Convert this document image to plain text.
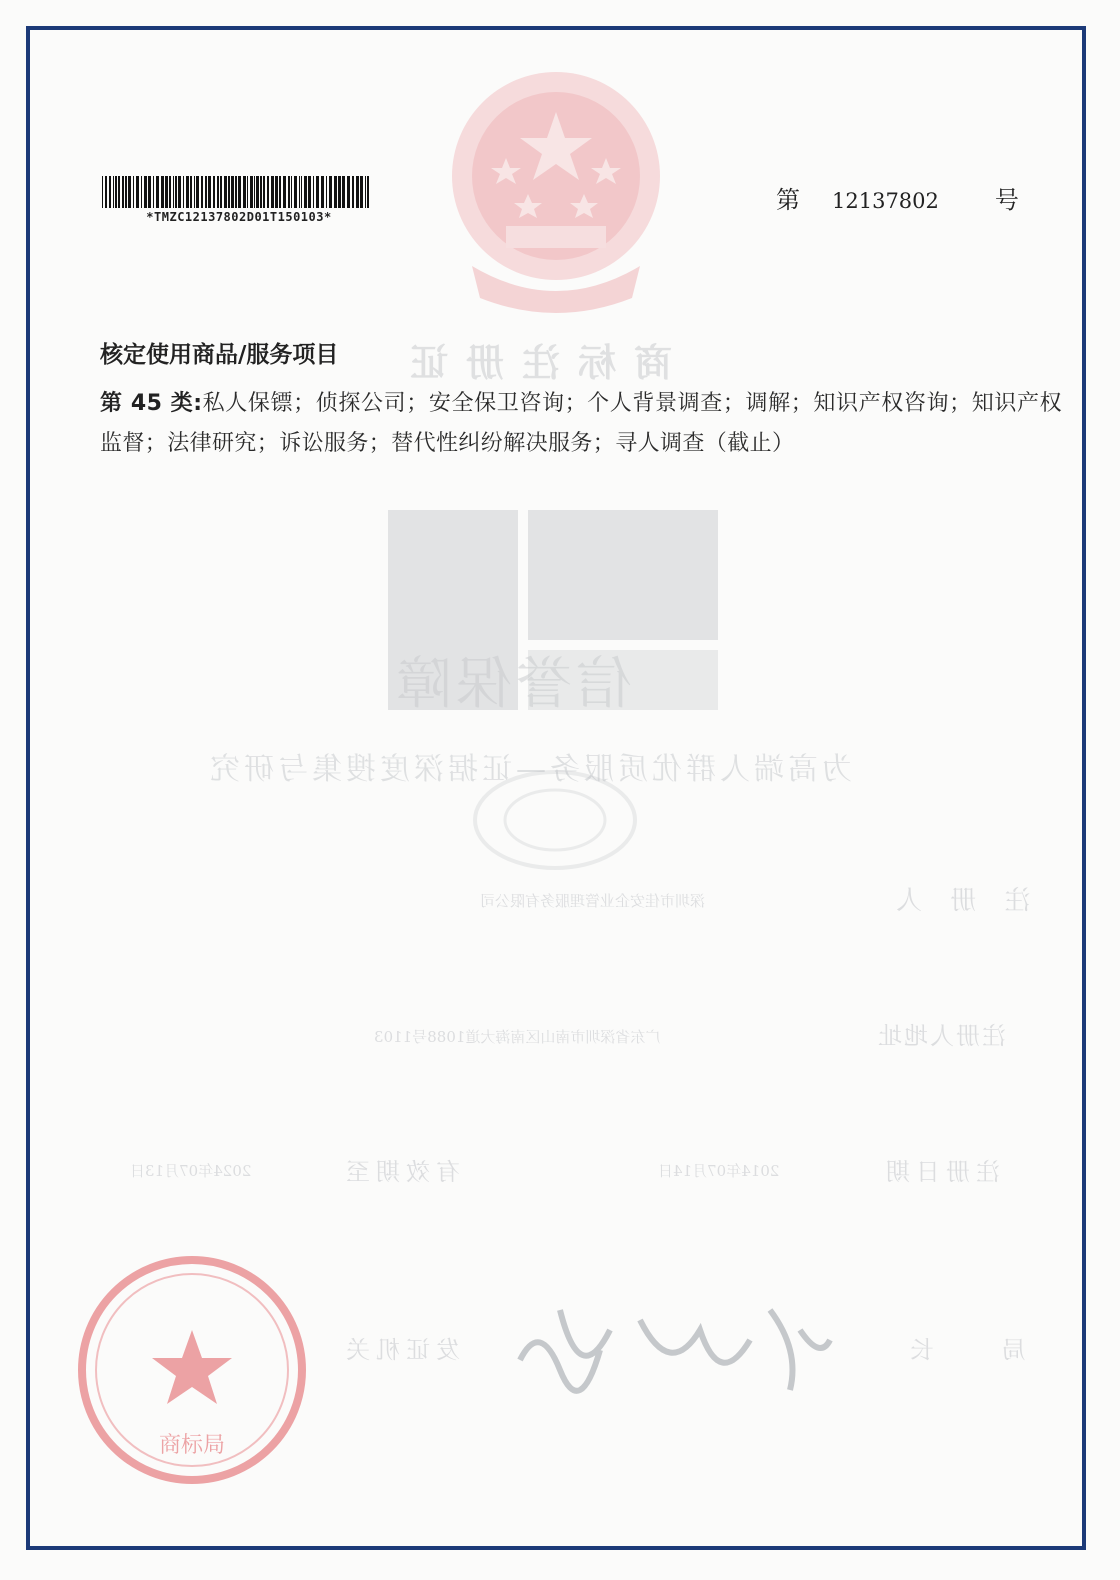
商标注册证
*TMZC12137802D01T150103*
第 12137802 号
核定使用商品/服务项目
第 45 类:私人保镖；侦探公司；安全保卫咨询；个人背景调查；调解；知识产权咨询；知识产权监督；法律研究；诉讼服务；替代性纠纷解决服务；寻人调查（截止）
信誉保障
为高端人群优质服务—证据深度搜集与研究
注 册 人
深圳市佳安企业管理服务有限公司
注册人地址
广东省深圳市南山区南海大道1088号1103
注册日期
2014年07月14日
有效期至
2024年07月13日
局 长
发证机关
商标局
